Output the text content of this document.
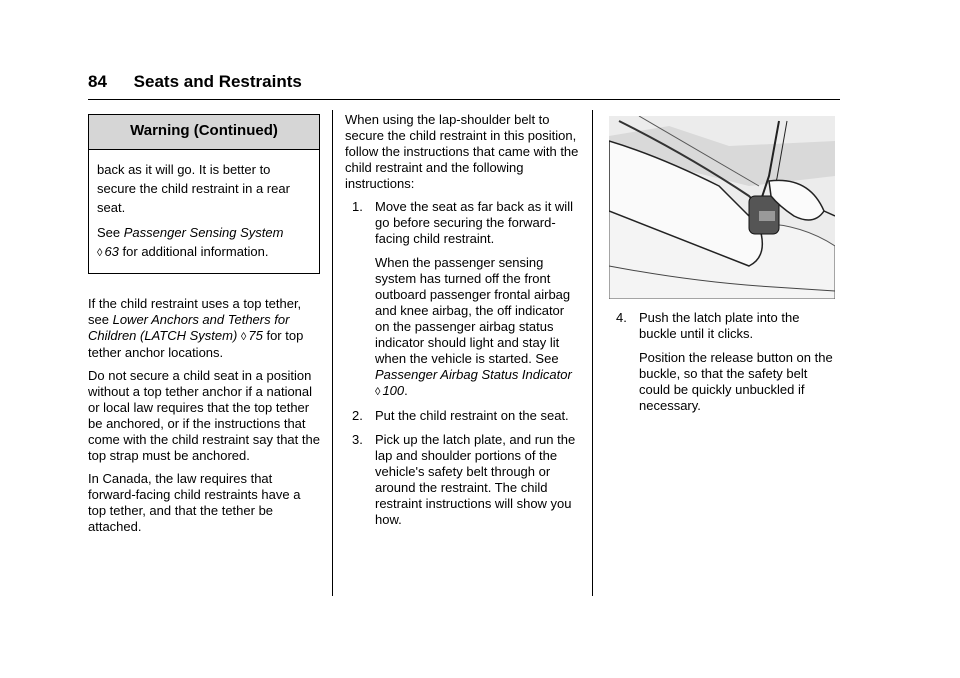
84 Seats and Restraints
Warning (Continued)

back as it will go. It is better to secure the child restraint in a rear seat.

See Passenger Sensing System
◊ 63 for additional information.

If the child restraint uses a top tether, see Lower Anchors and Tethers for Children (LATCH System) ◊ 75 for top tether anchor locations.

Do not secure a child seat in a position without a top tether anchor if a national or local law requires that the top tether be anchored, or if the instructions that come with the child restraint say that the top strap must be anchored.

In Canada, the law requires that forward-facing child restraints have a top tether, and that the tether be attached.

When using the lap-shoulder belt to secure the child restraint in this position, follow the instructions that came with the child restraint and the following instructions:

1. Move the seat as far back as it will go before securing the forward-facing child restraint.

When the passenger sensing system has turned off the front outboard passenger frontal airbag and knee airbag, the off indicator on the passenger airbag status indicator should light and stay lit when the vehicle is started. See Passenger Airbag Status Indicator ◊ 100.

2. Put the child restraint on the seat.

3. Pick up the latch plate, and run the lap and shoulder portions of the vehicle's safety belt through or around the restraint. The child restraint instructions will show you how.

4. Push the latch plate into the buckle until it clicks.

Position the release button on the buckle, so that the safety belt could be quickly unbuckled if necessary.
